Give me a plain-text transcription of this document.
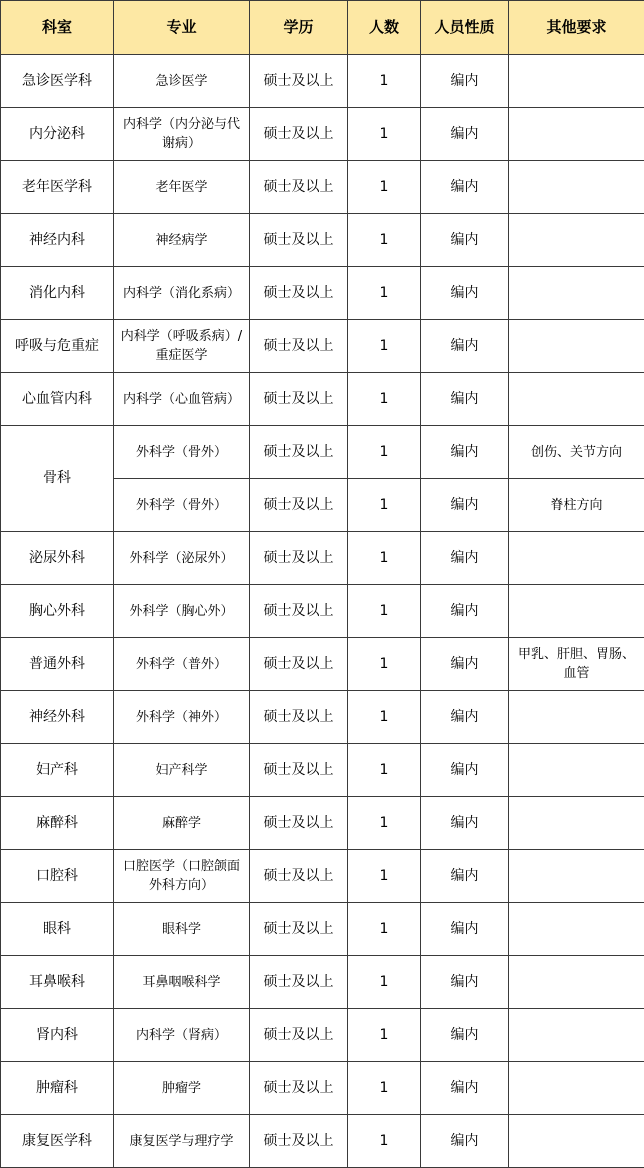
科室	专业	学历	人数	人员性质	其他要求
急诊医学科	急诊医学	硕士及以上	1	编内	
内分泌科	内科学（内分泌与代谢病）	硕士及以上	1	编内	
老年医学科	老年医学	硕士及以上	1	编内	
神经内科	神经病学	硕士及以上	1	编内	
消化内科	内科学（消化系病）	硕士及以上	1	编内	
呼吸与危重症	内科学（呼吸系病）/重症医学	硕士及以上	1	编内	
心血管内科	内科学（心血管病）	硕士及以上	1	编内	
骨科	外科学（骨外）	硕士及以上	1	编内	创伤、关节方向
	外科学（骨外）	硕士及以上	1	编内	脊柱方向
泌尿外科	外科学（泌尿外）	硕士及以上	1	编内	
胸心外科	外科学（胸心外）	硕士及以上	1	编内	
普通外科	外科学（普外）	硕士及以上	1	编内	甲乳、肝胆、胃肠、血管
神经外科	外科学（神外）	硕士及以上	1	编内	
妇产科	妇产科学	硕士及以上	1	编内	
麻醉科	麻醉学	硕士及以上	1	编内	
口腔科	口腔医学（口腔颌面外科方向）	硕士及以上	1	编内	
眼科	眼科学	硕士及以上	1	编内	
耳鼻喉科	耳鼻咽喉科学	硕士及以上	1	编内	
肾内科	内科学（肾病）	硕士及以上	1	编内	
肿瘤科	肿瘤学	硕士及以上	1	编内	
康复医学科	康复医学与理疗学	硕士及以上	1	编内	
